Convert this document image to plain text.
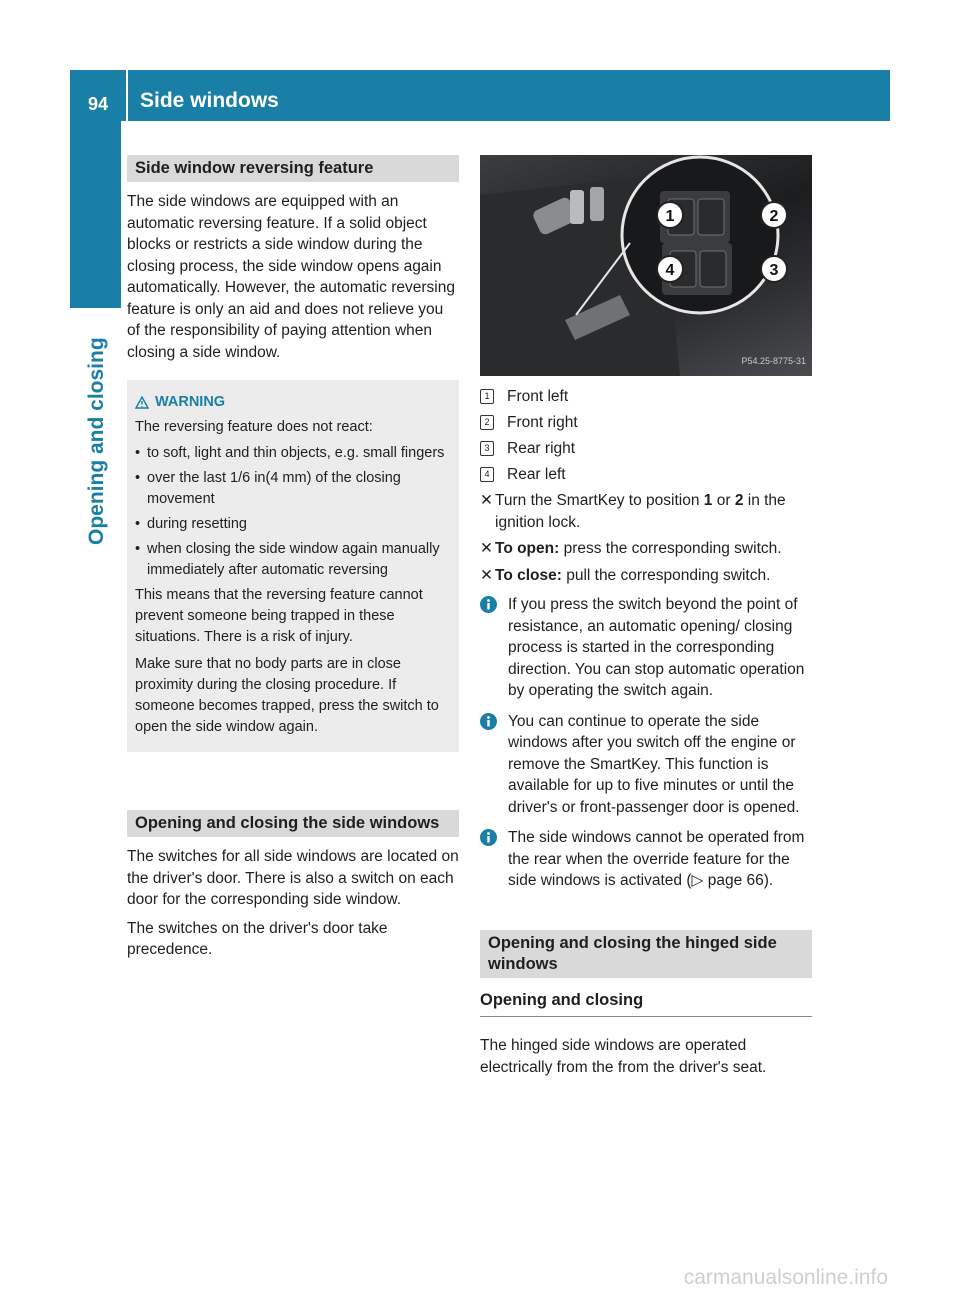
94 Side windows
Opening and closing
Side window reversing feature

The side windows are equipped with an automatic reversing feature. If a solid object blocks or restricts a side window during the closing process, the side window opens again automatically. However, the automatic reversing feature is only an aid and does not relieve you of the responsibility of paying attention when closing a side window.

WARNING
The reversing feature does not react:
• to soft, light and thin objects, e.g. small fingers
• over the last 1/6 in(4 mm) of the closing movement
• during resetting
• when closing the side window again manually immediately after automatic reversing

This means that the reversing feature cannot prevent someone being trapped in these situations. There is a risk of injury.

Make sure that no body parts are in close proximity during the closing procedure. If someone becomes trapped, press the switch to open the side window again.

Opening and closing the side windows

The switches for all side windows are located on the driver's door. There is also a switch on each door for the corresponding side window.

The switches on the driver's door take precedence.

1	2
3
4
P54.25-8775-31
1 Front left
2 Front right
3 Rear right
4 Rear left
✕ Turn the SmartKey to position 1 or 2 in the ignition lock.
✕ To open: press the corresponding switch.
✕ To close: pull the corresponding switch.
If you press the switch beyond the point of resistance, an automatic opening/ closing process is started in the corresponding direction. You can stop automatic operation by operating the switch again.
You can continue to operate the side windows after you switch off the engine or remove the SmartKey. This function is available for up to five minutes or until the driver's or front-passenger door is opened.
The side windows cannot be operated from the rear when the override feature for the side windows is activated (▷ page 66).
Opening and closing the hinged side windows
Opening and closing

The hinged side windows are operated electrically from the from the driver's seat.

carmanualsonline.info
